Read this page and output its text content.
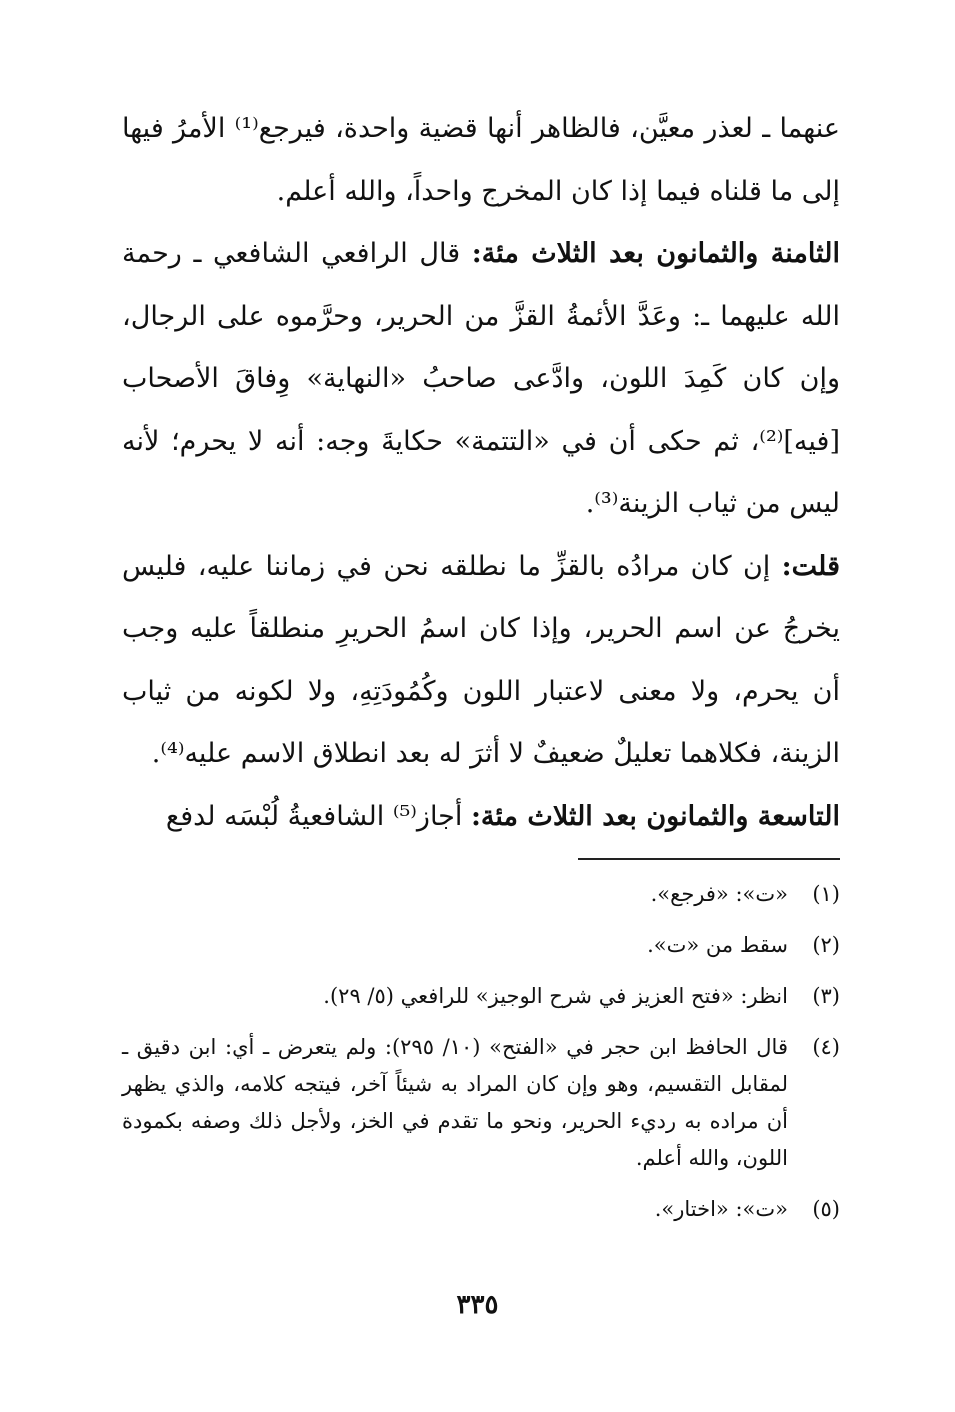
عنهما ـ لعذر معيَّن، فالظاهر أنها قضية واحدة، فيرجع⁽¹⁾ الأمرُ فيها إلى ما قلناه فيما إذا كان المخرج واحداً، والله أعلم.

الثامنة والثمانون بعد الثلاث مئة: قال الرافعي الشافعي ـ رحمة الله عليهما ـ: وعَدَّ الأئمةُ القزَّ من الحرير، وحرَّموه على الرجال، وإن كان كَمِدَ اللون، وادَّعى صاحبُ «النهاية» وِفاقَ الأصحاب [فيه]⁽²⁾، ثم حكى أن في «التتمة» حكايةَ وجه: أنه لا يحرم؛ لأنه ليس من ثياب الزينة⁽³⁾.

قلت: إن كان مرادُه بالقزِّ ما نطلقه نحن في زماننا عليه، فليس يخرجُ عن اسم الحرير، وإذا كان اسمُ الحريرِ منطلقاً عليه وجب أن يحرم، ولا معنى لاعتبار اللون وكُمُودَتِهِ، ولا لكونه من ثياب الزينة، فكلاهما تعليلٌ ضعيفٌ لا أثرَ له بعد انطلاق الاسم عليه⁽⁴⁾.

التاسعة والثمانون بعد الثلاث مئة: أجاز⁽⁵⁾ الشافعيةُ لُبْسَه لدفع

(١)
«ت»: «فرجع».
(٢)
سقط من «ت».
(٣)
انظر: «فتح العزيز في شرح الوجيز» للرافعي (٥/ ٢٩).
(٤)
قال الحافظ ابن حجر في «الفتح» (١٠/ ٢٩٥): ولم يتعرض ـ أي: ابن دقيق ـ لمقابل التقسيم، وهو وإن كان المراد به شيئاً آخر، فيتجه كلامه، والذي يظهر أن مراده به رديء الحرير، ونحو ما تقدم في الخز، ولأجل ذلك وصفه بكمودة اللون، والله أعلم.
(٥)
«ت»: «اختار».
٣٣٥
